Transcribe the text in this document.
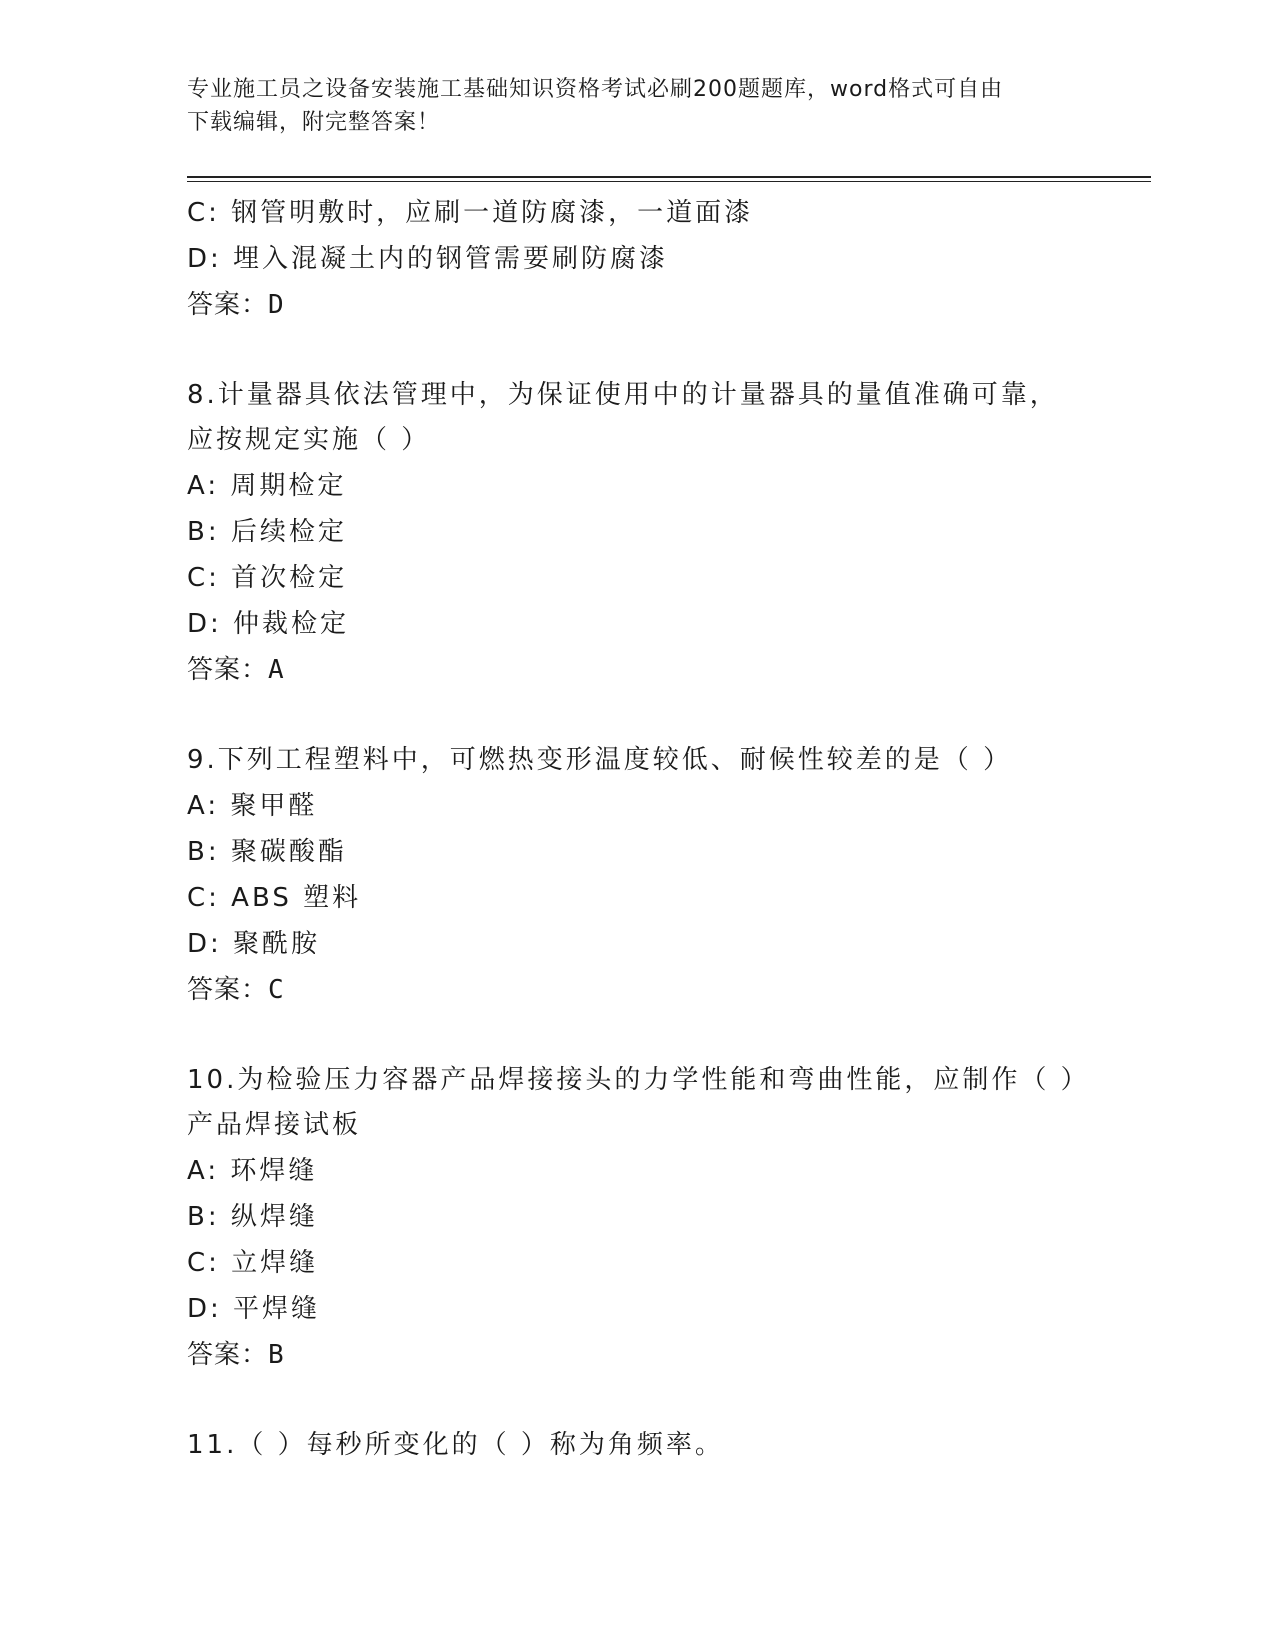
专业施工员之设备安装施工基础知识资格考试必刷200题题库，word格式可自由
下载编辑，附完整答案！
C: 钢管明敷时，应刷一道防腐漆，一道面漆
D: 埋入混凝土内的钢管需要刷防腐漆
答案：D
8.计量器具依法管理中，为保证使用中的计量器具的量值准确可靠，应按规定实施（ ）
A: 周期检定
B: 后续检定
C: 首次检定
D: 仲裁检定
答案：A
9.下列工程塑料中，可燃热变形温度较低、耐候性较差的是（ ）
A: 聚甲醛
B: 聚碳酸酯
C: ABS 塑料
D: 聚酰胺
答案：C
10.为检验压力容器产品焊接接头的力学性能和弯曲性能，应制作（ ）产品焊接试板
A: 环焊缝
B: 纵焊缝
C: 立焊缝
D: 平焊缝
答案：B
11.（ ）每秒所变化的（ ）称为角频率。
